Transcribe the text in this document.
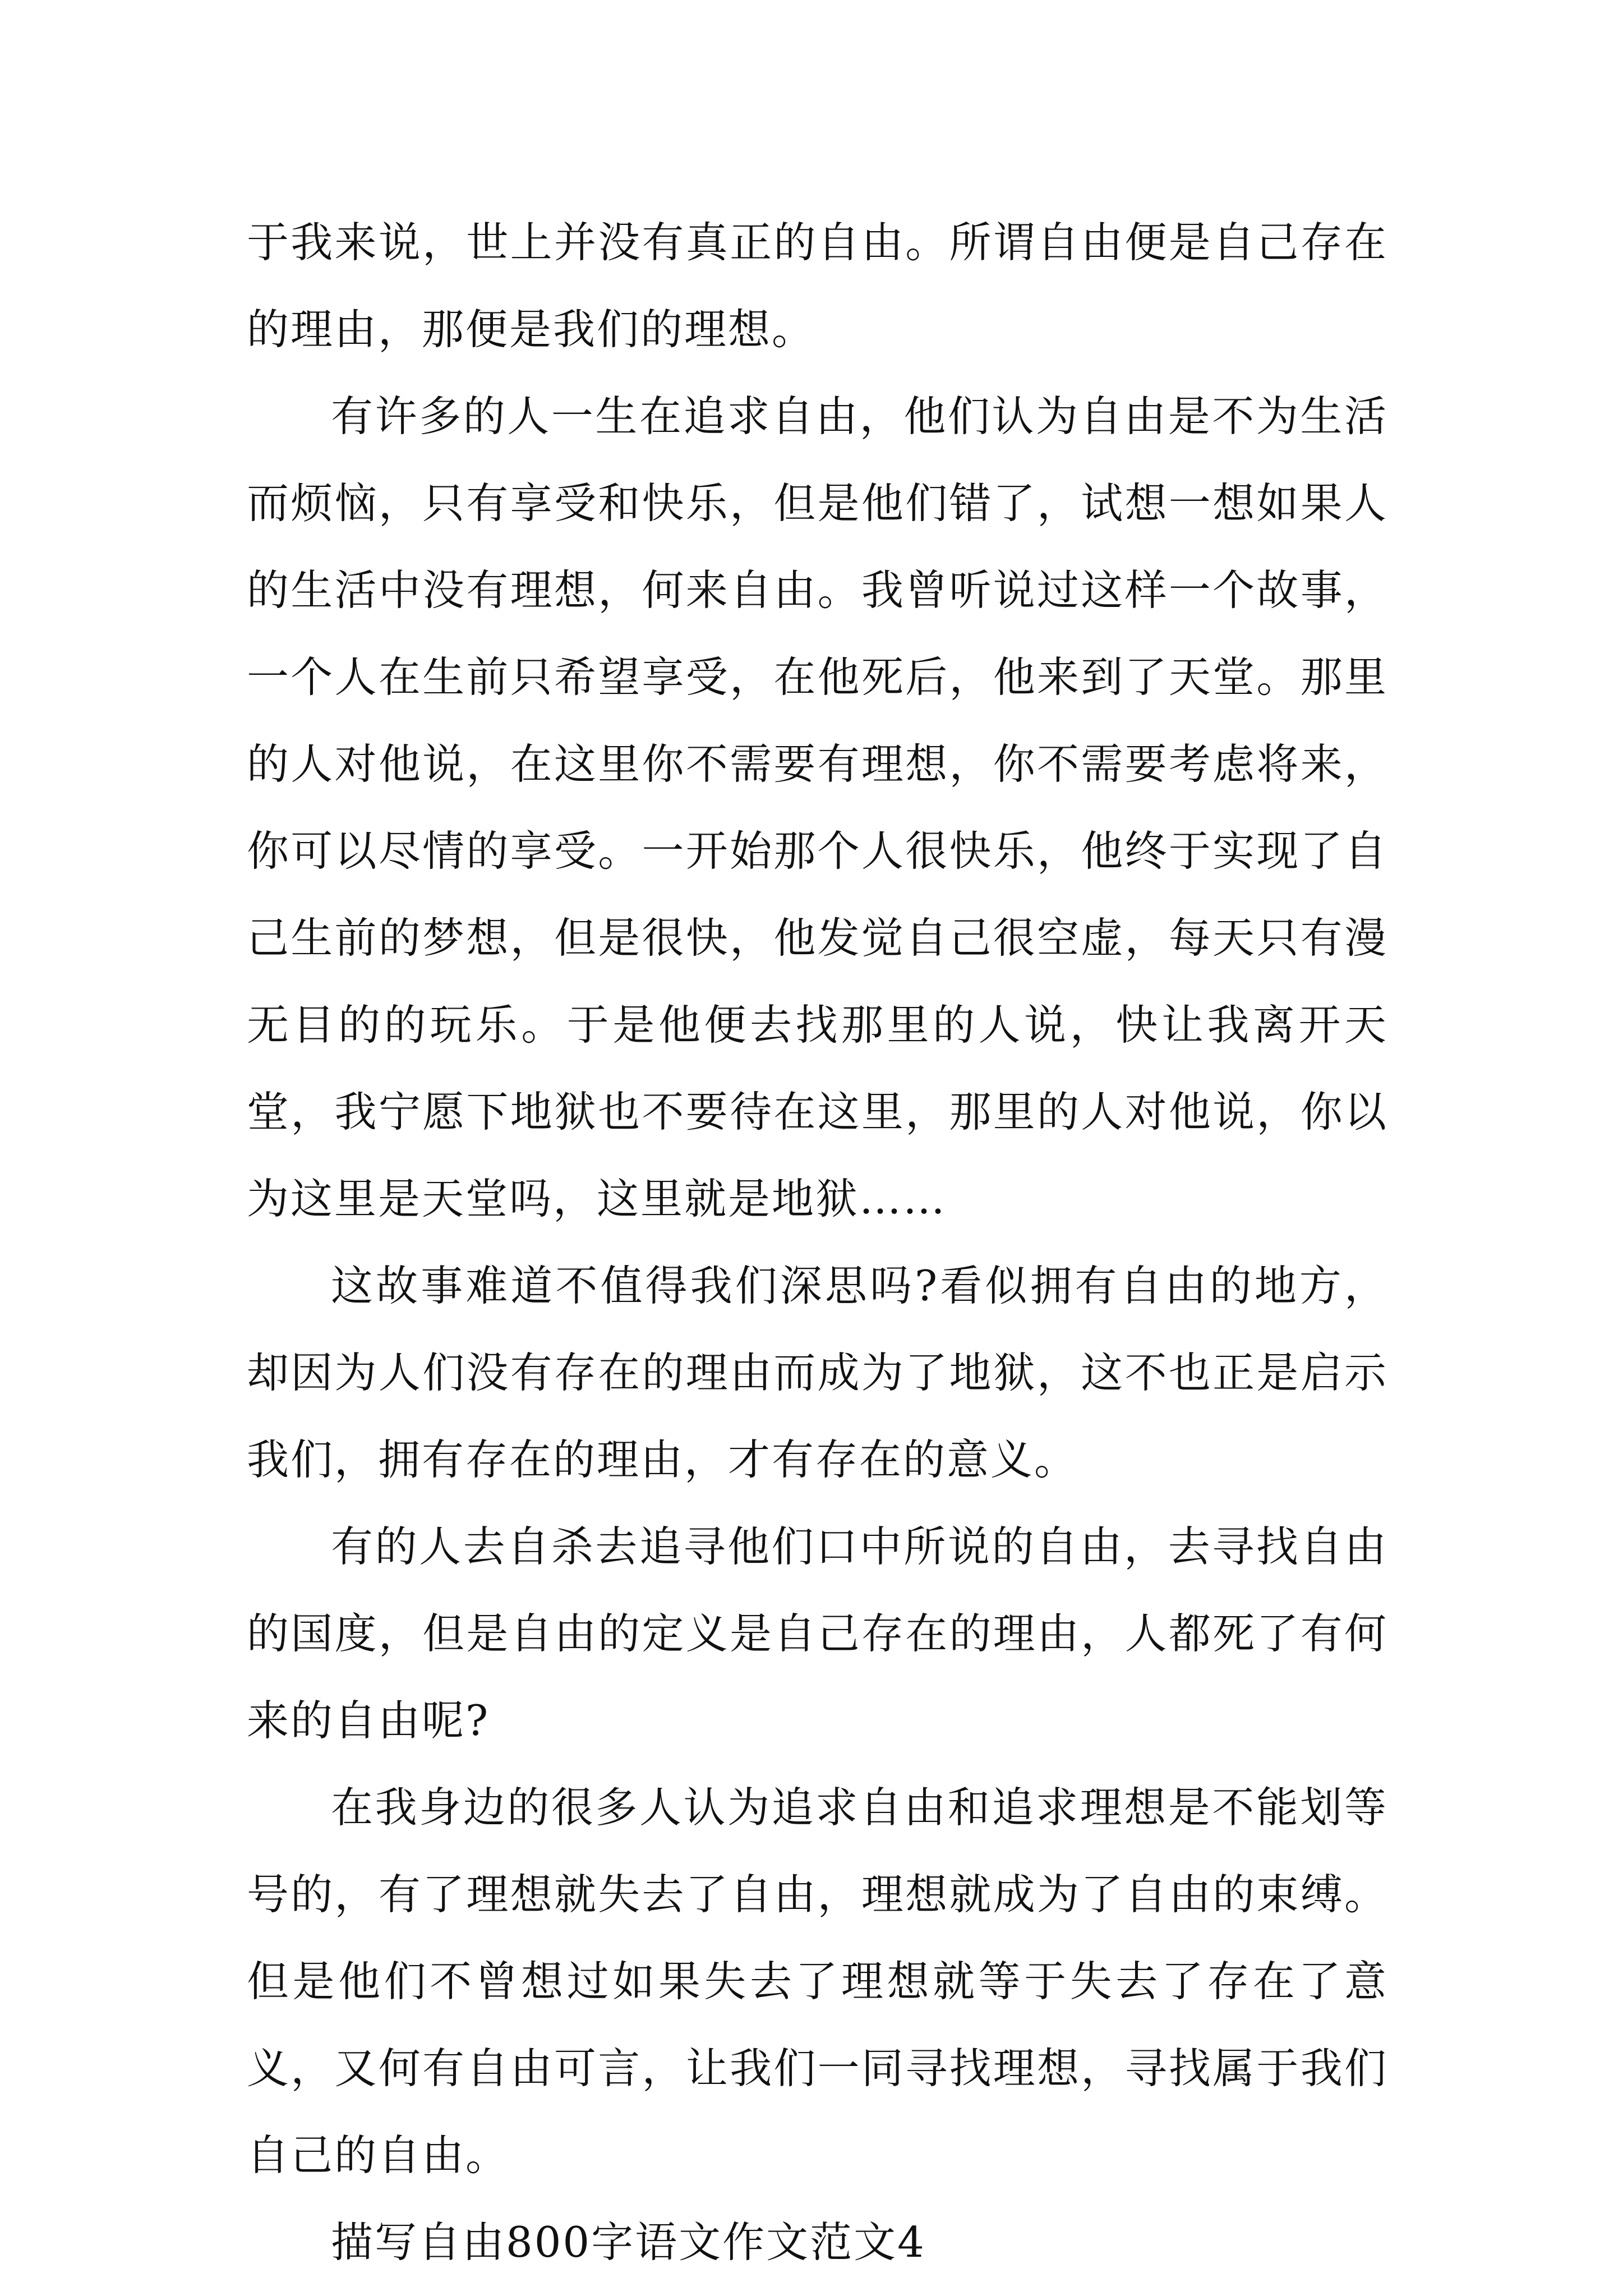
于我来说，世上并没有真正的自由。所谓自由便是自己存在的理由，那便是我们的理想。

有许多的人一生在追求自由，他们认为自由是不为生活而烦恼，只有享受和快乐，但是他们错了，试想一想如果人的生活中没有理想，何来自由。我曾听说过这样一个故事，一个人在生前只希望享受，在他死后，他来到了天堂。那里的人对他说，在这里你不需要有理想，你不需要考虑将来，你可以尽情的享受。一开始那个人很快乐，他终于实现了自己生前的梦想，但是很快，他发觉自己很空虚，每天只有漫无目的的玩乐。于是他便去找那里的人说，快让我离开天堂，我宁愿下地狱也不要待在这里，那里的人对他说，你以为这里是天堂吗，这里就是地狱……

这故事难道不值得我们深思吗?看似拥有自由的地方，却因为人们没有存在的理由而成为了地狱，这不也正是启示我们，拥有存在的理由，才有存在的意义。

有的人去自杀去追寻他们口中所说的自由，去寻找自由的国度，但是自由的定义是自己存在的理由，人都死了有何来的自由呢?

在我身边的很多人认为追求自由和追求理想是不能划等号的，有了理想就失去了自由，理想就成为了自由的束缚。但是他们不曾想过如果失去了理想就等于失去了存在了意义，又何有自由可言，让我们一同寻找理想，寻找属于我们自己的自由。

描写自由800字语文作文范文4
